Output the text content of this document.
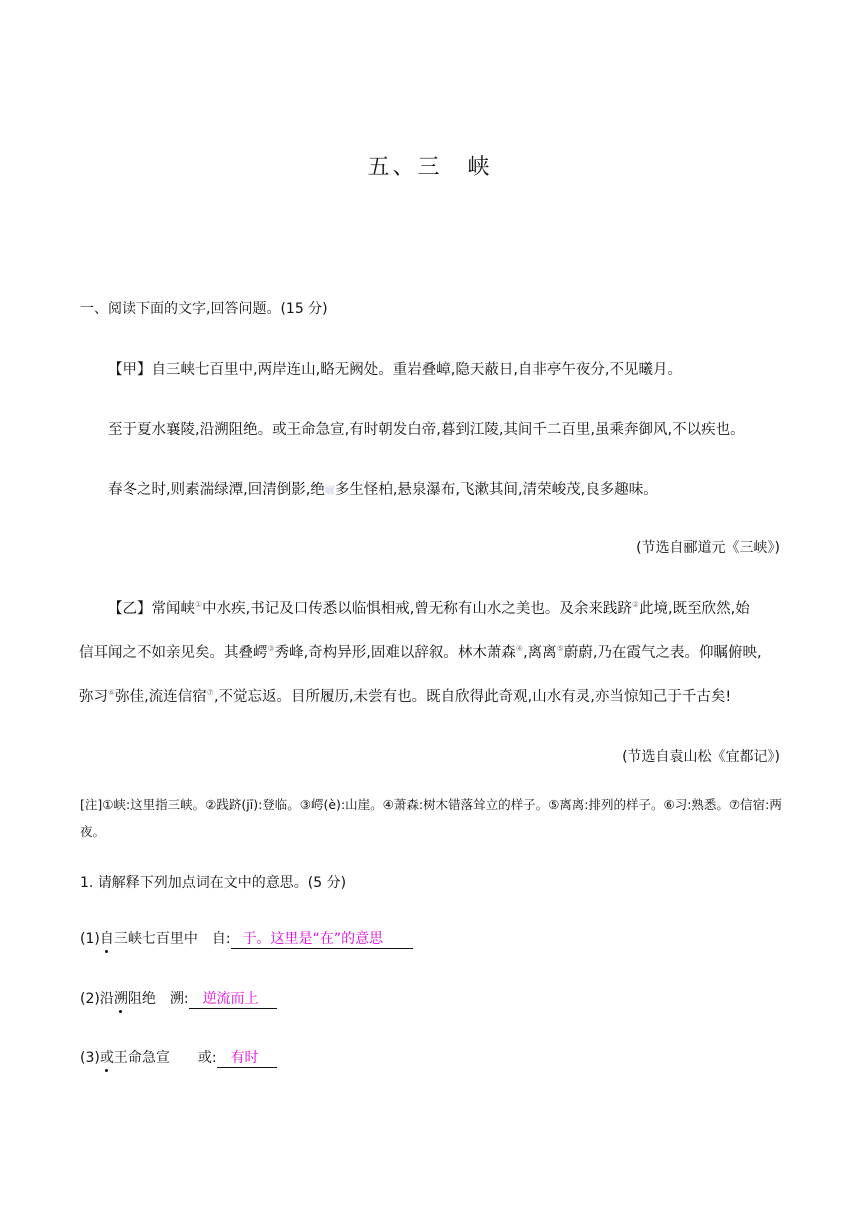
五、三　峡
一、阅读下面的文字,回答问题。(15 分)
【甲】自三峡七百里中,两岸连山,略无阙处。重岩叠嶂,隐天蔽日,自非亭午夜分,不见曦月。
至于夏水襄陵,沿溯阻绝。或王命急宣,有时朝发白帝,暮到江陵,其间千二百里,虽乘奔御风,不以疾也。
春冬之时,则素湍绿潭,回清倒影,绝𪩘多生怪柏,悬泉瀑布,飞漱其间,清荣峻茂,良多趣味。
(节选自郦道元《三峡》)
【乙】常闻峡①中水疾,书记及口传悉以临惧相戒,曾无称有山水之美也。及余来践跻②此境,既至欣然,始
信耳闻之不如亲见矣。其叠崿③秀峰,奇构异形,固难以辞叙。林木萧森④,离离⑤蔚蔚,乃在霞气之表。仰瞩俯映,
弥习⑥弥佳,流连信宿⑦,不觉忘返。目所履历,未尝有也。既自欣得此奇观,山水有灵,亦当惊知己于千古矣!
(节选自袁山松《宜都记》)
[注]①峡:这里指三峡。②践跻(jī):登临。③崿(è):山崖。④萧森:树木错落耸立的样子。⑤离离:排列的样子。⑥习:熟悉。⑦信宿:两夜。
1. 请解释下列加点词在文中的意思。(5 分)
(1)自三峡七百里中　自: 于。这里是“在”的意思
(2)沿溯阻绝　溯: 逆流而上
(3)或王命急宣　　或: 有时
